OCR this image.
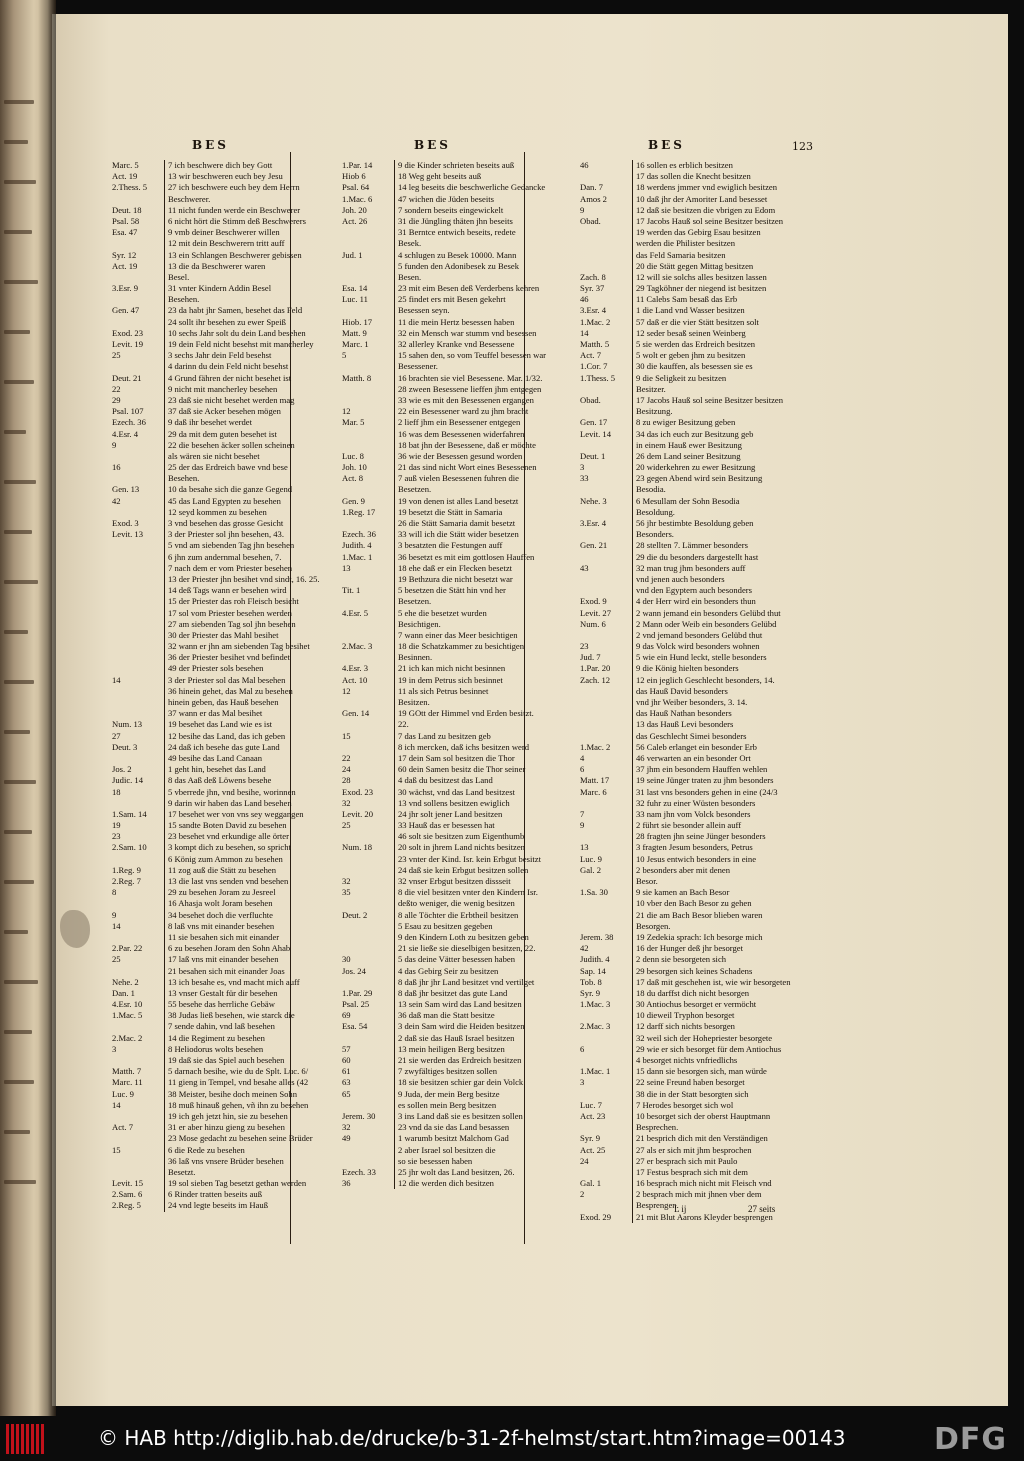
BES	BES	BES	123
Marc. 5	7 ich beschwere dich bey Gott
Act. 19	13 wir beschweren euch bey Jesu
2.Thess. 5	27 ich beschwere euch bey dem Herrn
Beschwerer.
Deut. 18	11 nicht funden werde ein Beschwerer
Psal. 58	6 nicht hört die Stimm deß Beschwerers
Esa. 47	9 vmb deiner Beschwerer willen
12 mit dein Beschwerern tritt auff
Syr. 12	13 ein Schlangen Beschwerer gebissen
Act. 19	13 die da Beschwerer waren
Besel.
3.Esr. 9	31 vnter Kindern Addin Besel
Besehen.
Gen. 47	23 da habt jhr Samen, besehet das Feld
24 sollt ihr besehen zu ewer Speiß
Exod. 23	10 sechs Jahr solt du dein Land besehen
Levit. 19	19 dein Feld nicht besehst mit mancherley
25	3 sechs Jahr dein Feld besehst
4 darinn du dein Feld nicht besehst
Deut. 21	4 Grund fähren der nicht besehet ist
22	9 nicht mit mancherley besehen
29	23 daß sie nicht besehet werden mag
Psal. 107	37 daß sie Acker besehen mögen
Ezech. 36	9 daß ihr besehet werdet
4.Esr. 4	29 da mit dem guten besehet ist
9	22 die besehen äcker sollen scheinen
als wären sie nicht besehet
16	25 der das Erdreich bawe vnd bese
Besehen.
Gen. 13	10 da besahe sich die ganze Gegend
42	45 das Land Egypten zu besehen
12 seyd kommen zu besehen
Exod. 3	3 vnd besehen das grosse Gesicht
Levit. 13	3 der Priester sol jhn besehen, 43.
5 vnd am siebenden Tag jhn besehen
6 jhn zum andernmal besehen, 7.
7 nach dem er vom Priester besehen
13 der Priester jhn besihet vnd sindt, 16. 25.
14 deß Tags wann er besehen wird
15 der Priester das roh Fleisch besicht
17 sol vom Priester besehen werden
27 am siebenden Tag sol jhn besehen
30 der Priester das Mahl besihet
32 wann er jhn am siebenden Tag besihet
36 der Priester besihet vnd befindet
49 der Priester sols besehen
14	3 der Priester sol das Mal besehen
36 hinein gehet, das Mal zu besehen
hinein geben, das Hauß besehen
37 wann er das Mal besihet
Num. 13	19 besehet das Land wie es ist
27	12 besihe das Land, das ich geben
Deut. 3	24 daß ich besehe das gute Land
49 besihe das Land Canaan
Jos. 2	1 geht hin, besehet das Land
Judic. 14	8 das Aaß deß Löwens besehe
18	5 vberrede jhn, vnd besihe, worinnen
9 darin wir haben das Land besehen
1.Sam. 14	17 besehet wer von vns sey weggangen
19	15 sandte Boten David zu besehen
23	23 besehet vnd erkundige alle örter
2.Sam. 10	3 kompt dich zu besehen, so spricht
6 König zum Ammon zu besehen
1.Reg. 9	11 zog auß die Stätt zu besehen
2.Reg. 7	13 die last vns senden vnd besehen
8	29 zu besehen Joram zu Jesreel
16 Ahasja wolt Joram besehen
9	34 besehet doch die verfluchte
14	8 laß vns mit einander besehen
11 sie besahen sich mit einander
2.Par. 22	6 zu besehen Joram den Sohn Ahab
25	17 laß vns mit einander besehen
21 besahen sich mit einander Joas
Nehe. 2	13 ich besahe es, vnd macht mich auff
Dan. 1	13 vnser Gestalt für dir besehen
4.Esr. 10	55 besehe das herrliche Gebäw
1.Mac. 5	38 Judas ließ besehen, wie starck die
7 sende dahin, vnd laß besehen
2.Mac. 2	14 die Regiment zu besehen
3	8 Heliodorus wolts besehen
19 daß sie das Spiel auch besehen
Matth. 7	5 darnach besihe, wie du de Splt. Luc. 6/
Marc. 11	11 gieng in Tempel, vnd besahe alles (42
Luc. 9	38 Meister, besihe doch meinen Sohn
14	18 muß hinauß gehen, vñ ihn zu besehen
19 ich geh jetzt hin, sie zu besehen
Act. 7	31 er aber hinzu gieng zu besehen
23 Mose gedacht zu besehen seine Brüder
15	6 die Rede zu besehen
36 laß vns vnsere Brüder besehen
Besetzt.
Levit. 15	19 sol sieben Tag besetzt gethan werden
2.Sam. 6	6 Rinder tratten beseits auß
2.Reg. 5	24 vnd legte beseits im Hauß
1.Par. 14	9 die Kinder schrieten beseits auß
Hiob 6	18 Weg geht beseits auß
Psal. 64	14 leg beseits die beschwerliche Gedancke
1.Mac. 6	47 wichen die Jüden beseits
Joh. 20	7 sondern beseits eingewickelt
Act. 26	31 die Jüngling thäten jhn beseits
31 Berntce entwich beseits, redete
Besek.
Jud. 1	4 schlugen zu Besek 10000. Mann
5 funden den Adonibesek zu Besek
Besen.
Esa. 14	23 mit eim Besen deß Verderbens kehren
Luc. 11	25 findet ers mit Besen gekehrt
Besessen seyn.
Hiob. 17	11 die mein Hertz besessen haben
Matt. 9	32 ein Mensch war stumm vnd besessen
Marc. 1	32 allerley Kranke vnd Besessene
5	15 sahen den, so vom Teuffel besessen war
Besessener.
Matth. 8	16 brachten sie viel Besessene. Mar. 1/32.
28 zween Besessene lieffen jhm entgegen
33 wie es mit den Besessenen ergangen
12	22 ein Besessener ward zu jhm bracht
Mar. 5	2 lieff jhm ein Besessener entgegen
16 was dem Besessenen widerfahren
18 bat jhn der Besessene, daß er möchte
Luc. 8	36 wie der Besessen gesund worden
Joh. 10	21 das sind nicht Wort eines Besessenen
Act. 8	7 auß vielen Besessenen fuhren die
Besetzen.
Gen. 9	19 von denen ist alles Land besetzt
1.Reg. 17	19 besetzt die Stätt in Samaria
26 die Stätt Samaria damit besetzt
Ezech. 36	33 will ich die Stätt wider besetzen
Judith. 4	3 besatzten die Festungen auff
1.Mac. 1	36 besetzt es mit eim gottlosen Hauffen
13	18 ehe daß er ein Flecken besetzt
19 Bethzura die nicht besetzt war
Tit. 1	5 besetzen die Stätt hin vnd her
Besetzen.
4.Esr. 5	5 ehe die besetzet wurden
Besichtigen.
7 wann einer das Meer besichtigen
2.Mac. 3	18 die Schatzkammer zu besichtigen
Besinnen.
4.Esr. 3	21 ich kan mich nicht besinnen
Act. 10	19 in dem Petrus sich besinnet
12	11 als sich Petrus besinnet
Besitzen.
Gen. 14	19 GOtt der Himmel vnd Erden besitzt.
22.
15	7 das Land zu besitzen geb
8 ich mercken, daß ichs besitzen werd
22	17 dein Sam sol besitzen die Thor
24	60 dein Samen besitz die Thor seiner
28	4 daß du besitzest das Land
Exod. 23	30 wächst, vnd das Land besitzest
32	13 vnd sollens besitzen ewiglich
Levit. 20	24 jhr solt jener Land besitzen
25	33 Hauß das er besessen hat
46 solt sie besitzen zum Eigenthumb
Num. 18	20 solt in jhrem Land nichts besitzen
23 vnter der Kind. Isr. kein Erbgut besitzt
24 daß sie kein Erbgut besitzen sollen
32	32 vnser Erbgut besitzen dissseit
35	8 die viel besitzen vnter den Kindern Isr.
deßto weniger, die wenig besitzen
Deut. 2	8 alle Töchter die Erbtheil besitzen
5 Esau zu besitzen gegeben
9 den Kindern Loth zu besitzen geben
21 sie ließe sie dieselbigen besitzen, 22.
30	5 das deine Vätter besessen haben
Jos. 24	4 das Gebirg Seir zu besitzen
8 daß jhr jhr Land besitzet vnd vertilget
1.Par. 29	8 daß jhr besitzet das gute Land
Psal. 25	13 sein Sam wird das Land besitzen
69	36 daß man die Statt besitze
Esa. 54	3 dein Sam wird die Heiden besitzen
2 daß sie das Hauß Israel besitzen
57	13 mein heiligen Berg besitzen
60	21 sie werden das Erdreich besitzen
61	7 zwyfältiges besitzen sollen
63	18 sie besitzen schier gar dein Volck
65	9 Juda, der mein Berg besitze
es sollen mein Berg besitzen
Jerem. 30	3 ins Land daß sie es besitzen sollen
32	23 vnd da sie das Land besassen
49	1 warumb besitzt Malchom Gad
2 aber Israel sol besitzen die
so sie besessen haben
Ezech. 33	25 jhr wolt das Land besitzen, 26.
36	12 die werden dich besitzen
46	16 sollen es erblich besitzen
17 das sollen die Knecht besitzen
Dan. 7	18 werdens jmmer vnd ewiglich besitzen
Amos 2	10 daß jhr der Amoriter Land besesset
9	12 daß sie besitzen die vbrigen zu Edom
Obad.	17 Jacobs Hauß sol seine Besitzer besitzen
19 werden das Gebirg Esau besitzen
werden die Philister besitzen
das Feld Samaria besitzen
20 die Stätt gegen Mittag besitzen
Zach. 8	12 will sie solchs alles besitzen lassen
Syr. 37	29 Tagköhner der niegend ist besitzen
46	11 Calebs Sam besaß das Erb
3.Esr. 4	1 die Land vnd Wasser besitzen
1.Mac. 2	57 daß er die vier Stätt besitzen solt
14	12 seder besaß seinen Weinberg
Matth. 5	5 sie werden das Erdreich besitzen
Act. 7	5 wolt er geben jhm zu besitzen
1.Cor. 7	30 die kauffen, als besessen sie es
1.Thess. 5	9 die Seligkeit zu besitzen
Besitzer.
Obad.	17 Jacobs Hauß sol seine Besitzer besitzen
Besitzung.
Gen. 17	8 zu ewiger Besitzung geben
Levit. 14	34 das ich euch zur Besitzung geb
in einem Hauß ewer Besitzung
Deut. 1	26 dem Land seiner Besitzung
3	20 widerkehren zu ewer Besitzung
33	23 gegen Abend wird sein Besitzung
Besodia.
Nehe. 3	6 Mesullam der Sohn Besodia
Besoldung.
3.Esr. 4	56 jhr bestimbte Besoldung geben
Besonders.
Gen. 21	28 stellten 7. Lämmer besonders
29 die du besonders dargestellt hast
43	32 man trug jhm besonders auff
vnd jenen auch besonders
vnd den Egyptern auch besonders
Exod. 9	4 der Herr wird ein besonders thun
Levit. 27	2 wann jemand ein besonders Gelübd thut
Num. 6	2 Mann oder Weib ein besonders Gelübd
2 vnd jemand besonders Gelübd thut
23	9 das Volck wird besonders wohnen
Jud. 7	5 wie ein Hund leckt, stelle besonders
1.Par. 20	9 die König hielten besonders
Zach. 12	12 ein jeglich Geschlecht besonders, 14.
das Hauß David besonders
vnd jhr Weiber besonders, 3. 14.
das Hauß Nathan besonders
13 das Hauß Levi besonders
das Geschlecht Simei besonders
1.Mac. 2	56 Caleb erlanget ein besonder Erb
4	46 verwarten an ein besonder Ort
6	37 jhm ein besondern Hauffen wehlen
Matt. 17	19 seine Jünger traten zu jhm besonders
Marc. 6	31 last vns besonders gehen in eine (24/3
32 fuhr zu einer Wüsten besonders
7	33 nam jhn vom Volck besonders
9	2 führt sie besonder allein auff
28 fragten jhn seine Jünger besonders
13	3 fragten Jesum besonders, Petrus
Luc. 9	10 Jesus entwich besonders in eine
Gal. 2	2 besonders aber mit denen
Besor.
1.Sa. 30	9 sie kamen an Bach Besor
10 vber den Bach Besor zu gehen
21 die am Bach Besor blieben waren
Besorgen.
Jerem. 38	19 Zedekia sprach: Ich besorge mich
42	16 der Hunger deß jhr besorget
Judith. 4	2 denn sie besorgeten sich
Sap. 14	29 besorgen sich keines Schadens
Tob. 8	17 daß mit geschehen ist, wie wir besorgeten
Syr. 9	18 du darffst dich nicht besorgen
1.Mac. 3	30 Antiochus besorget er vermöcht
10 dieweil Tryphon besorget
2.Mac. 3	12 darff sich nichts besorgen
32 weil sich der Hohepriester besorgete
6	29 wie er sich besorget für dem Antiochus
4 besorget nichts vnfriedlichs
1.Mac. 1	15 dann sie besorgen sich, man würde
3	22 seine Freund haben besorget
38 die in der Statt besorgten sich
Luc. 7	7 Herodes besorget sich wol
Act. 23	10 besorget sich der oberst Hauptmann
Besprechen.
Syr. 9	21 besprich dich mit den Verständigen
Act. 25	27 als er sich mit jhm besprochen
24	27 er besprach sich mit Paulo
17 Festus besprach sich mit dem
Gal. 1	16 besprach mich nicht mit Fleisch vnd
2	2 besprach mich mit jhnen vber dem
Besprengen.
Exod. 29	21 mit Blut Aarons Kleyder besprengen
L ij	27 seits
© HAB http://diglib.hab.de/drucke/b-31-2f-helmst/start.htm?image=00143	DFG
